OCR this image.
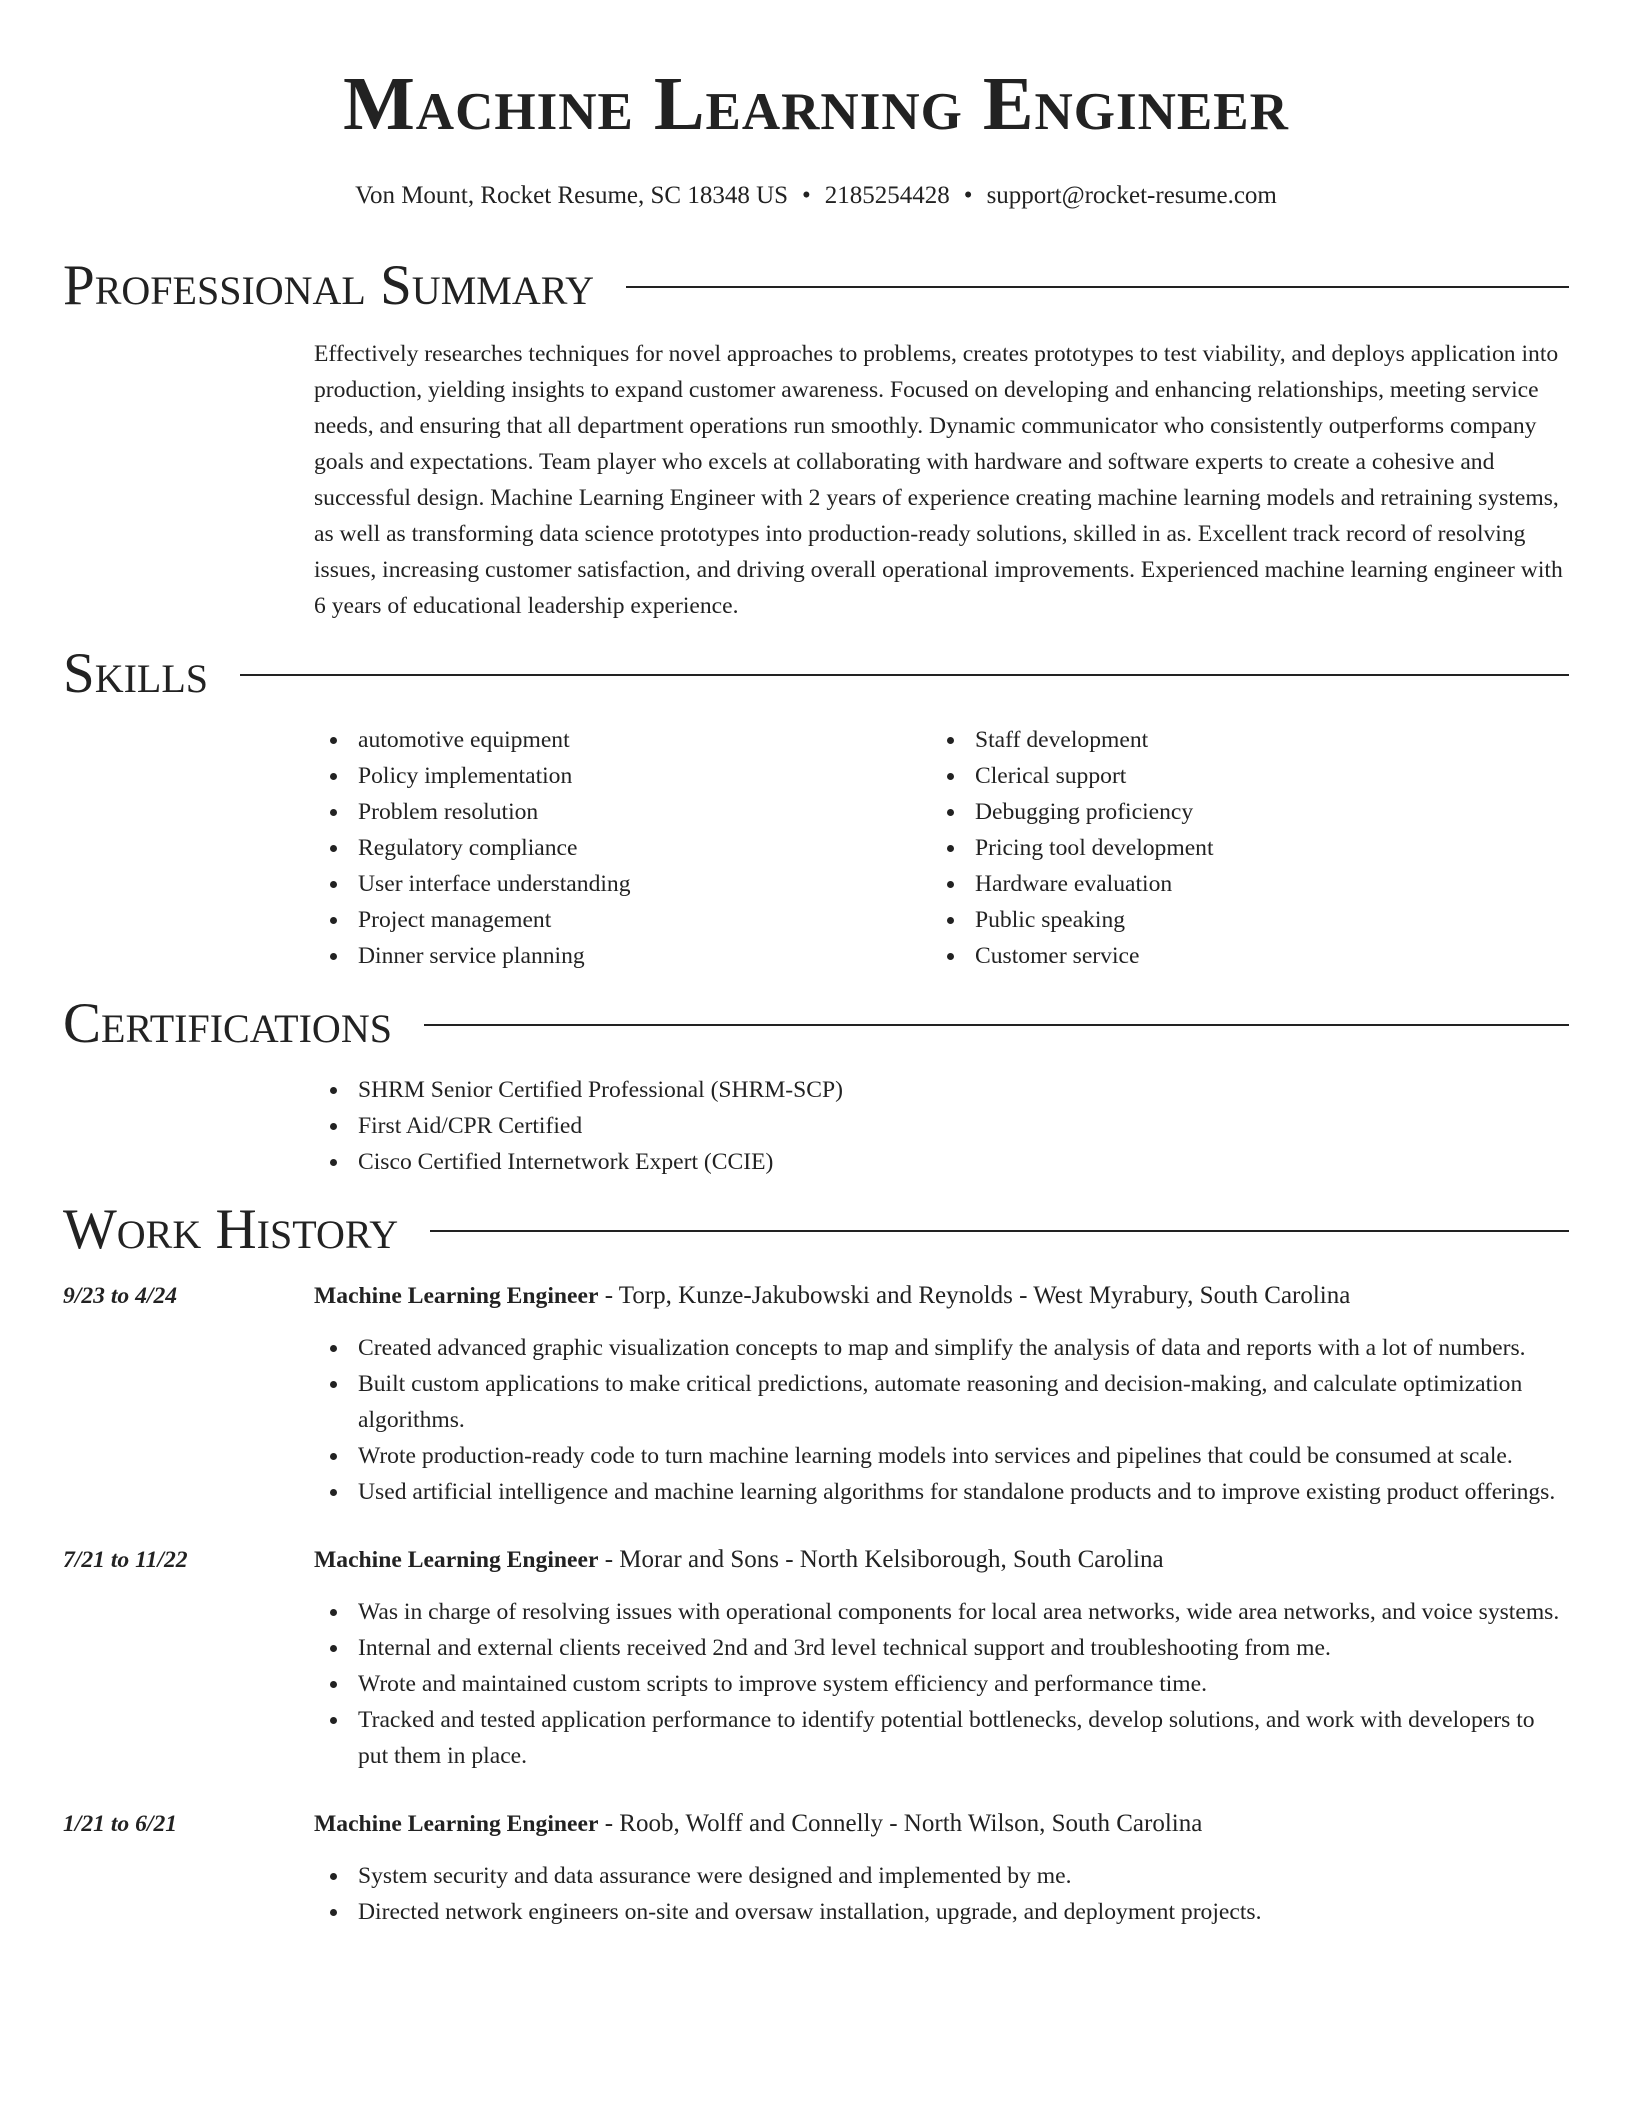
Machine Learning Engineer
Von Mount, Rocket Resume, SC 18348 US • 2185254428 • support@rocket-resume.com
Professional Summary

Effectively researches techniques for novel approaches to problems, creates prototypes to test viability, and deploys application into production, yielding insights to expand customer awareness. Focused on developing and enhancing relationships, meeting service needs, and ensuring that all department operations run smoothly. Dynamic communicator who consistently outperforms company goals and expectations. Team player who excels at collaborating with hardware and software experts to create a cohesive and successful design. Machine Learning Engineer with 2 years of experience creating machine learning models and retraining systems, as well as transforming data science prototypes into production-ready solutions, skilled in as. Excellent track record of resolving issues, increasing customer satisfaction, and driving overall operational improvements. Experienced machine learning engineer with 6 years of educational leadership experience.

Skills
automotive equipment
Policy implementation
Problem resolution
Regulatory compliance
User interface understanding
Project management
Dinner service planning
Staff development
Clerical support
Debugging proficiency
Pricing tool development
Hardware evaluation
Public speaking
Customer service
Certifications
SHRM Senior Certified Professional (SHRM-SCP)
First Aid/CPR Certified
Cisco Certified Internetwork Expert (CCIE)
Work History
9/23 to 4/24	Machine Learning Engineer - Torp, Kunze-Jakubowski and Reynolds - West Myrabury, South Carolina
Created advanced graphic visualization concepts to map and simplify the analysis of data and reports with a lot of numbers.
Built custom applications to make critical predictions, automate reasoning and decision-making, and calculate optimization algorithms.
Wrote production-ready code to turn machine learning models into services and pipelines that could be consumed at scale.
Used artificial intelligence and machine learning algorithms for standalone products and to improve existing product offerings.
7/21 to 11/22	Machine Learning Engineer - Morar and Sons - North Kelsiborough, South Carolina
Was in charge of resolving issues with operational components for local area networks, wide area networks, and voice systems.
Internal and external clients received 2nd and 3rd level technical support and troubleshooting from me.
Wrote and maintained custom scripts to improve system efficiency and performance time.
Tracked and tested application performance to identify potential bottlenecks, develop solutions, and work with developers to put them in place.
1/21 to 6/21	Machine Learning Engineer - Roob, Wolff and Connelly - North Wilson, South Carolina
System security and data assurance were designed and implemented by me.
Directed network engineers on-site and oversaw installation, upgrade, and deployment projects.
